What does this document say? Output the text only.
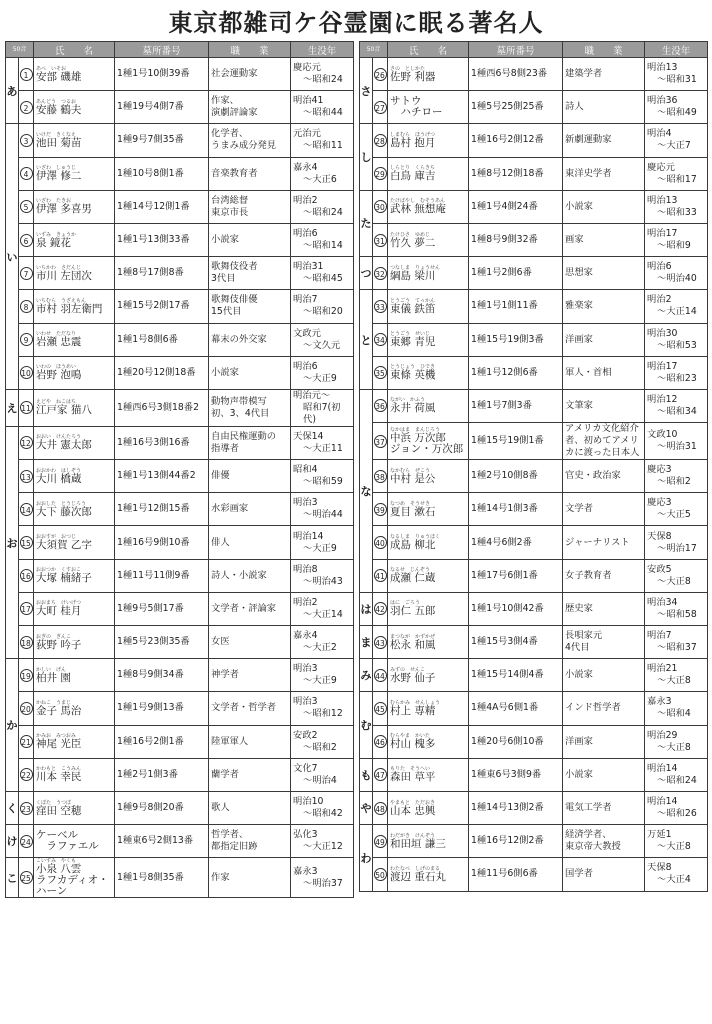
東京都雑司ケ谷霊園に眠る著名人
50音		氏　　名	墓所番号	職　　業	生没年
あ	1	あべ　いそお
安部 磯雄	1種1号10側39番	社会運動家	慶応元
～昭和24

	2	あんどう　つるお
安藤 鶴夫	1種19号4側7番	作家、
演劇評論家	明治41
～昭和44

い	3	いけだ　きくなえ
池田 菊苗	1種9号7側35番	化学者、
うまみ成分発見	元治元
～昭和11

	4	いざわ　しゅうじ
伊澤 修二	1種10号8側1番	音楽教育者	嘉永4
～大正6

	5	いざわ　たきお
伊澤 多喜男	1種14号12側1番	台湾総督
東京市長	明治2
～昭和24

	6	いずみ　きょうか
泉 鏡花	1種1号13側33番	小説家	明治6
～昭和14

	7	いちかわ　さだんじ
市川 左団次	1種8号17側8番	歌舞伎役者
3代目	明治31
～昭和45

	8	いちむら　うざえもん
市村 羽左衛門	1種15号2側17番	歌舞伎俳優
15代目	明治7
～昭和20

	9	いわせ　ただなり
岩瀬 忠震	1種1号8側6番	幕末の外交家	文政元
～文久元

	10	いわの　ほうめい
岩野 泡鳴	1種20号12側18番	小説家	明治6
～大正9

え	11	えどや　ねこはち
江戸家 猫八	1種西6号3側18番2	動物声帯模写
初、3、4代目	明治元～
昭和7(初代)

お	12	おおい　けんたろう
大井 憲太郎	1種16号3側16番	自由民権運動の
指導者	天保14
～大正11

	13	おおかわ　はしぞう
大川 橋蔵	1種1号13側44番2	俳優	昭和4
～昭和59

	14	おおした　とうじろう
大下 藤次郎	1種1号12側15番	水彩画家	明治3
～明治44

	15	おおすが　おつじ
大須賀 乙字	1種16号9側10番	俳人	明治14
～大正9

	16	おおつか　くすおこ
大塚 楠緒子	1種11号11側9番	詩人・小説家	明治8
～明治43

	17	おおまち　けいげつ
大町 桂月	1種9号5側17番	文学者・評論家	明治2
～大正14

	18	おぎの　ぎんこ
荻野 吟子	1種5号23側35番	女医	嘉永4
～大正2

か	19	かしい　げん
柏井 園	1種8号9側34番	神学者	明治3
～大正9

	20	かねこ　うまじ
金子 馬治	1種1号9側13番	文学者・哲学者	明治3
～昭和12

	21	かみお　みつおみ
神尾 光臣	1種16号2側1番	陸軍軍人	安政2
～昭和2

	22	かわもと　こうみん
川本 幸民	1種2号1側3番	蘭学者	文化7
～明治4

く	23	くぼた　うつぼ
窪田 空穂	1種9号8側20番	歌人	明治10
～昭和42

け	24	ケーベル
　ラファエル	1種東6号2側13番	哲学者、
都指定旧跡	弘化3
～大正12

こ	25	こいずみ　やくも
小泉 八雲
ラフカディオ・ハーン	1種1号8側35番	作家	嘉永3
～明治37
50音		氏　　名	墓所番号	職　　業	生没年
さ	26	さの　としかた
佐野 利器	1種西6号8側23番	建築学者	明治13
～昭和31

	27	サトウ
　ハチロー	1種5号25側25番	詩人	明治36
～昭和49

し	28	しまむら　ほうげつ
島村 抱月	1種16号2側12番	新劇運動家	明治4
～大正7

	29	しらとり　くらきち
白鳥 庫吉	1種8号12側18番	東洋史学者	慶応元
～昭和17

た	30	たけばやし　むそうあん
武林 無想庵	1種1号4側24番	小説家	明治13
～昭和33

	31	たけひさ　ゆめじ
竹久 夢二	1種8号9側32番	画家	明治17
～昭和9

つ	32	つなしま　りょうせん
綱島 梁川	1種1号2側6番	思想家	明治6
～明治40

と	33	とうごう　てっかん
東儀 鉄笛	1種1号1側11番	雅楽家	明治2
～大正14

	34	とうごう　せいじ
東郷 青児	1種15号19側3番	洋画家	明治30
～昭和53

	35	とうじょう　ひでき
東條 英機	1種1号12側6番	軍人・首相	明治17
～昭和23

な	36	ながい　かふう
永井 荷風	1種1号7側3番	文筆家	明治12
～昭和34

	37	なかはま　まんじろう
中浜 万次郎
ジョン・万次郎	1種15号19側1番	アメリカ文化紹介
者、初めてアメリ
カに渡った日本人	文政10
～明治31

	38	なかむら　ぜこう
中村 是公	1種2号10側8番	官史・政治家	慶応3
～昭和2

	39	なつめ　そうせき
夏目 漱石	1種14号1側3番	文学者	慶応3
～大正5

	40	なるしま　りゅうほく
成島 柳北	1種4号6側2番	ジャーナリスト	天保8
～明治17

	41	なるせ　じんぞう
成瀬 仁蔵	1種17号6側1番	女子教育者	安政5
～大正8

は	42	はに　ごろう
羽仁 五郎	1種1号10側42番	歴史家	明治34
～昭和58

ま	43	まつなが　かずかぜ
松永 和風	1種15号3側4番	長唄家元
4代目	明治7
～昭和37

み	44	みずの　せんこ
水野 仙子	1種15号14側4番	小説家	明治21
～大正8

む	45	むらかみ　せんしょう
村上 専精	1種4A号6側1番	インド哲学者	嘉永3
～昭和4

	46	むらやま　かいた
村山 槐多	1種20号6側10番	洋画家	明治29
～大正8

も	47	もりた　そうへい
森田 草平	1種東6号3側9番	小説家	明治14
～昭和24

や	48	やまもと　ただおき
山本 忠興	1種14号13側2番	電気工学者	明治14
～昭和26

わ	49	わだがき　けんぞう
和田垣 謙三	1種16号12側2番	経済学者、
東京帝大教授	万延1
～大正8

	50	わたなべ　しげのまる
渡辺 重石丸	1種11号6側6番	国学者	天保8
～大正4
